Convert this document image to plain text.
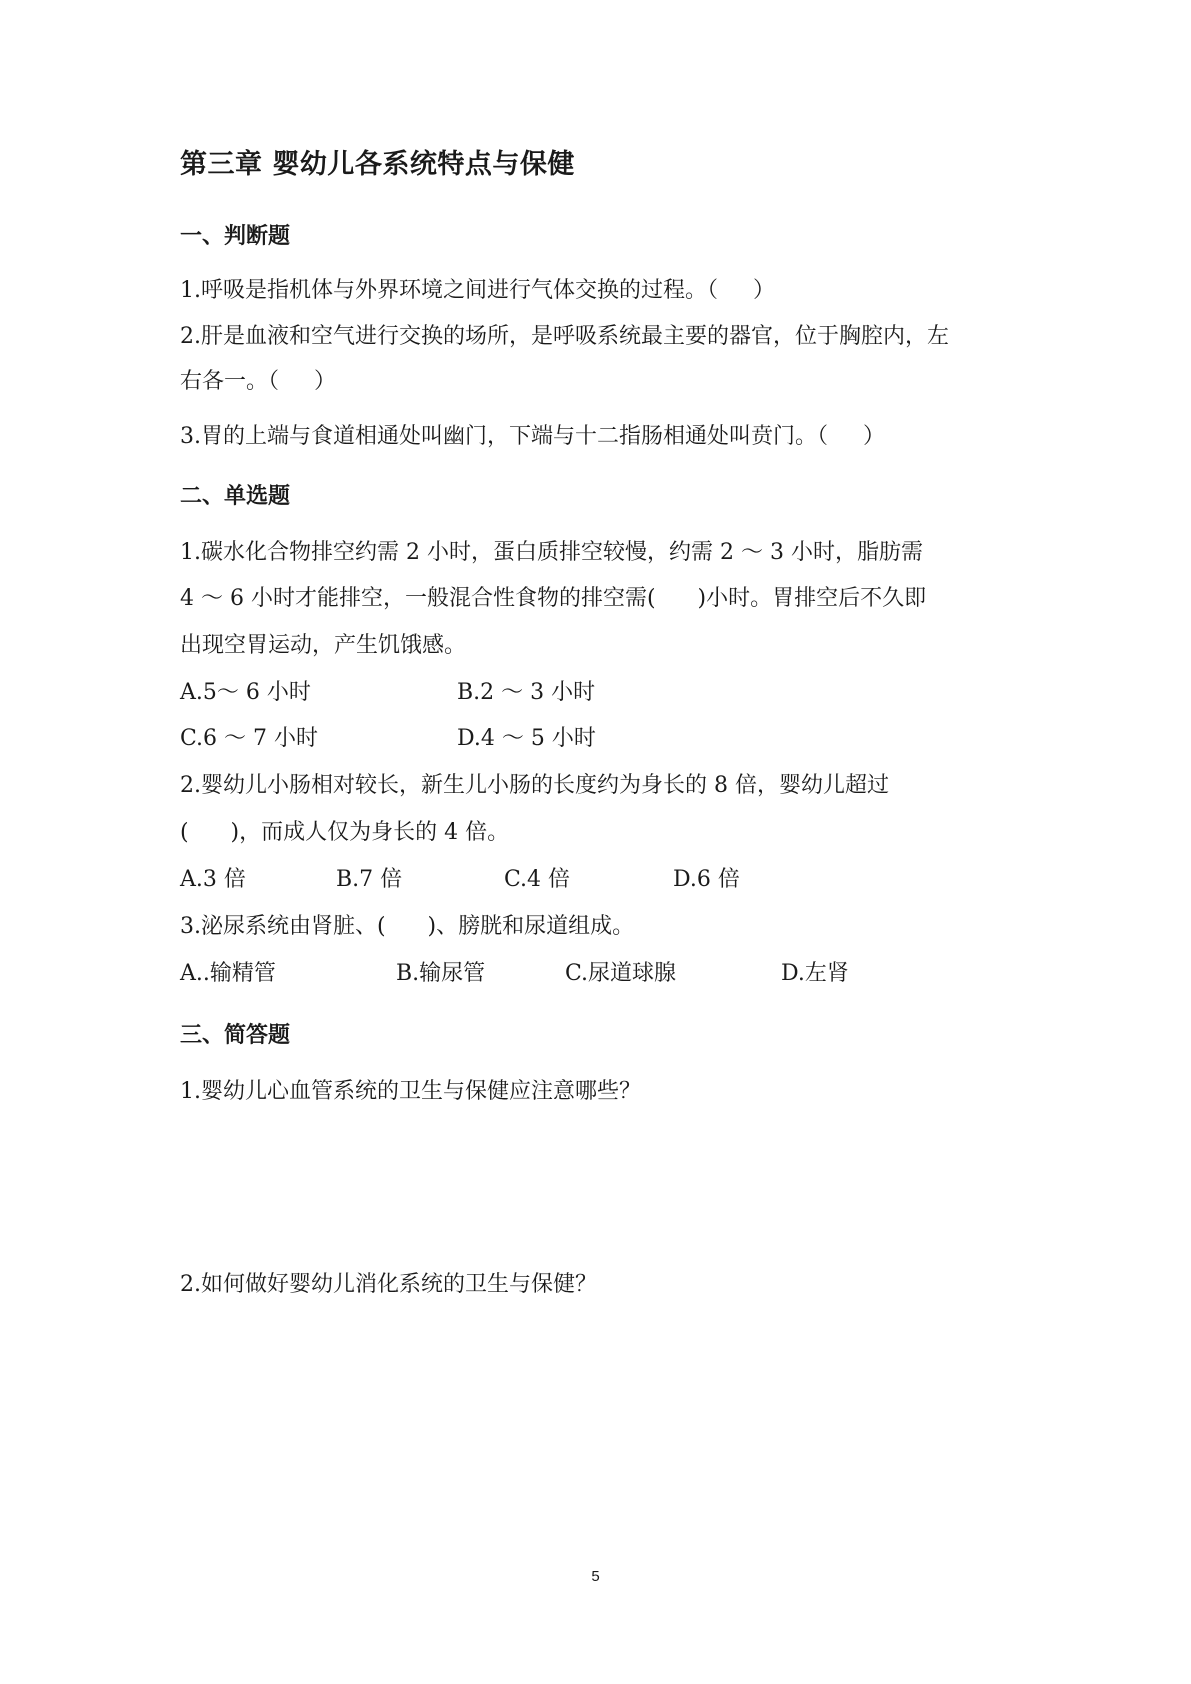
第三章 婴幼儿各系统特点与保健
一、判断题

1.呼吸是指机体与外界环境之间进行气体交换的过程。（     ）

2.肝是血液和空气进行交换的场所，是呼吸系统最主要的器官，位于胸腔内，左

右各一。（     ）

3.胃的上端与食道相通处叫幽门，下端与十二指肠相通处叫贲门。（     ）

二、单选题

1.碳水化合物排空约需 2 小时，蛋白质排空较慢，约需 2 ～ 3 小时，脂肪需

4 ～ 6 小时才能排空，一般混合性食物的排空需(      )小时。胃排空后不久即

出现空胃运动，产生饥饿感。

A.5～ 6 小时	B.2 ～ 3 小时

C.6 ～ 7 小时	D.4 ～ 5 小时

2.婴幼儿小肠相对较长，新生儿小肠的长度约为身长的 8 倍，婴幼儿超过

(      )，而成人仅为身长的 4 倍。

A.3 倍	B.7 倍	C.4 倍	D.6 倍

3.泌尿系统由肾脏、(      )、膀胱和尿道组成。

A..输精管	B.输尿管	C.尿道球腺	D.左肾

三、简答题

1.婴幼儿心血管系统的卫生与保健应注意哪些？

2.如何做好婴幼儿消化系统的卫生与保健？

5
